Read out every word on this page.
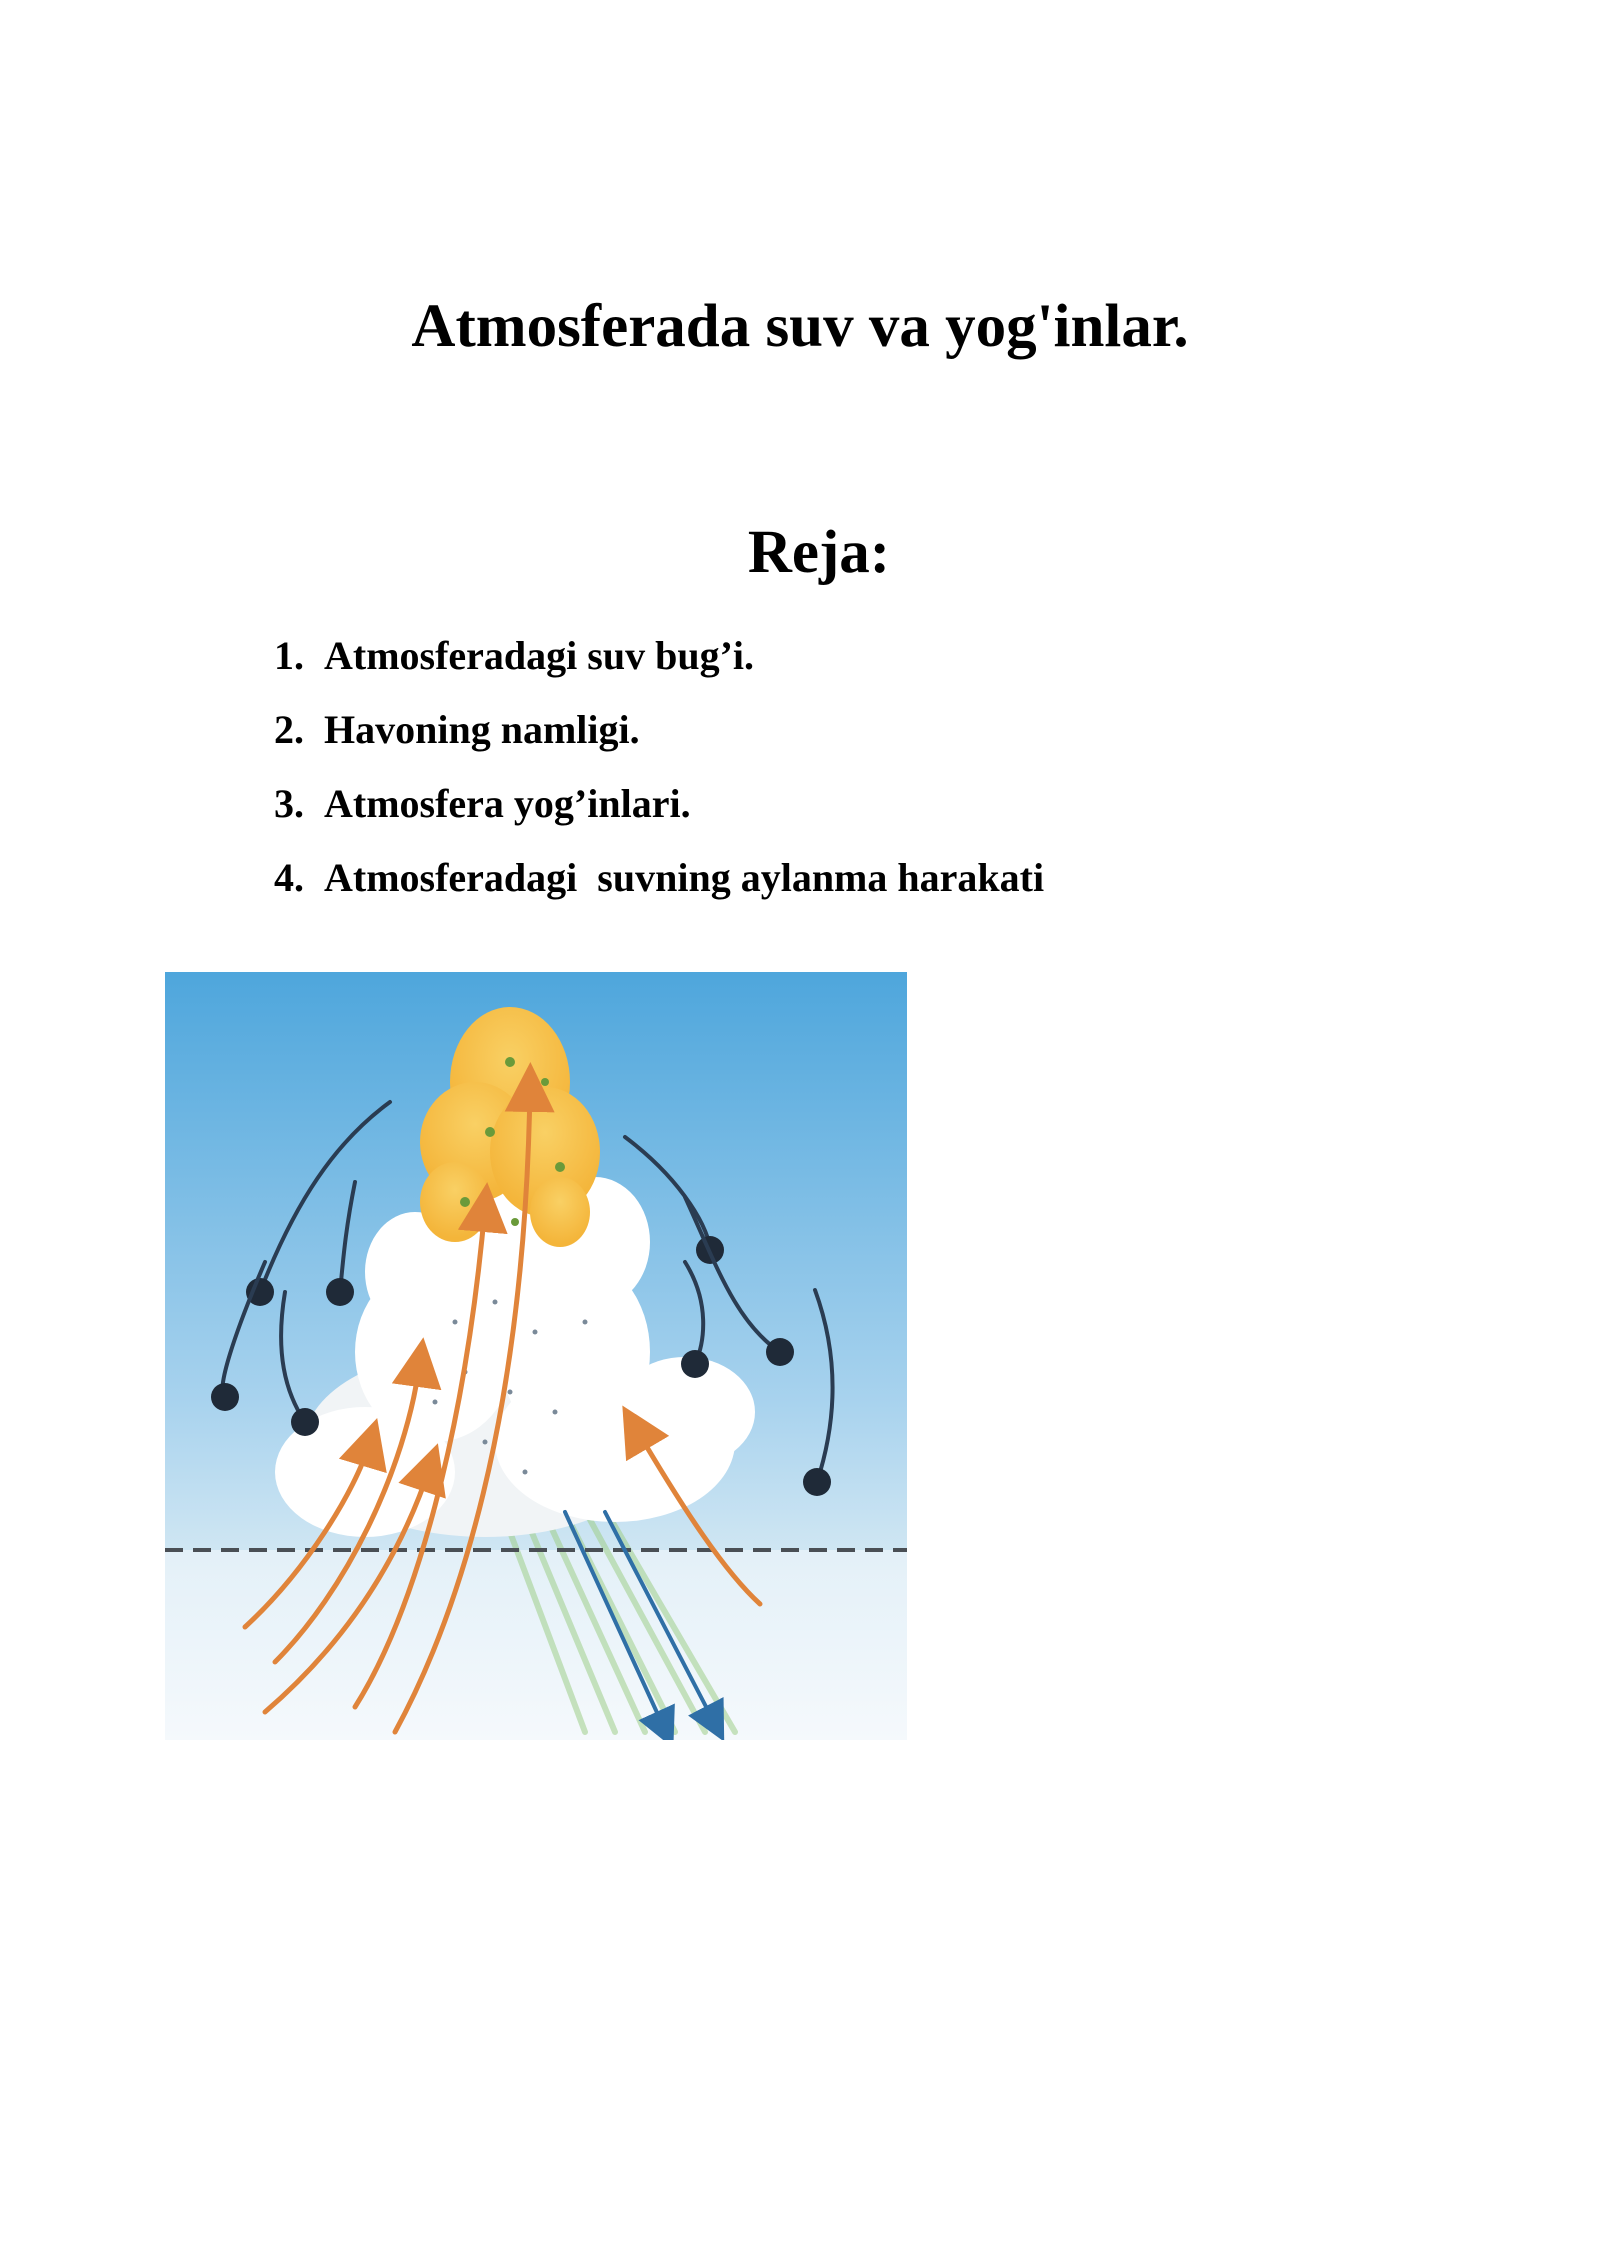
Atmosferada suv va yog'inlar.
Reja:
1. Atmosferadagi suv bug’i.
2. Havoning namligi.
3. Atmosfera yog’inlari.
4. Atmosferadagi  suvning aylanma harakati
